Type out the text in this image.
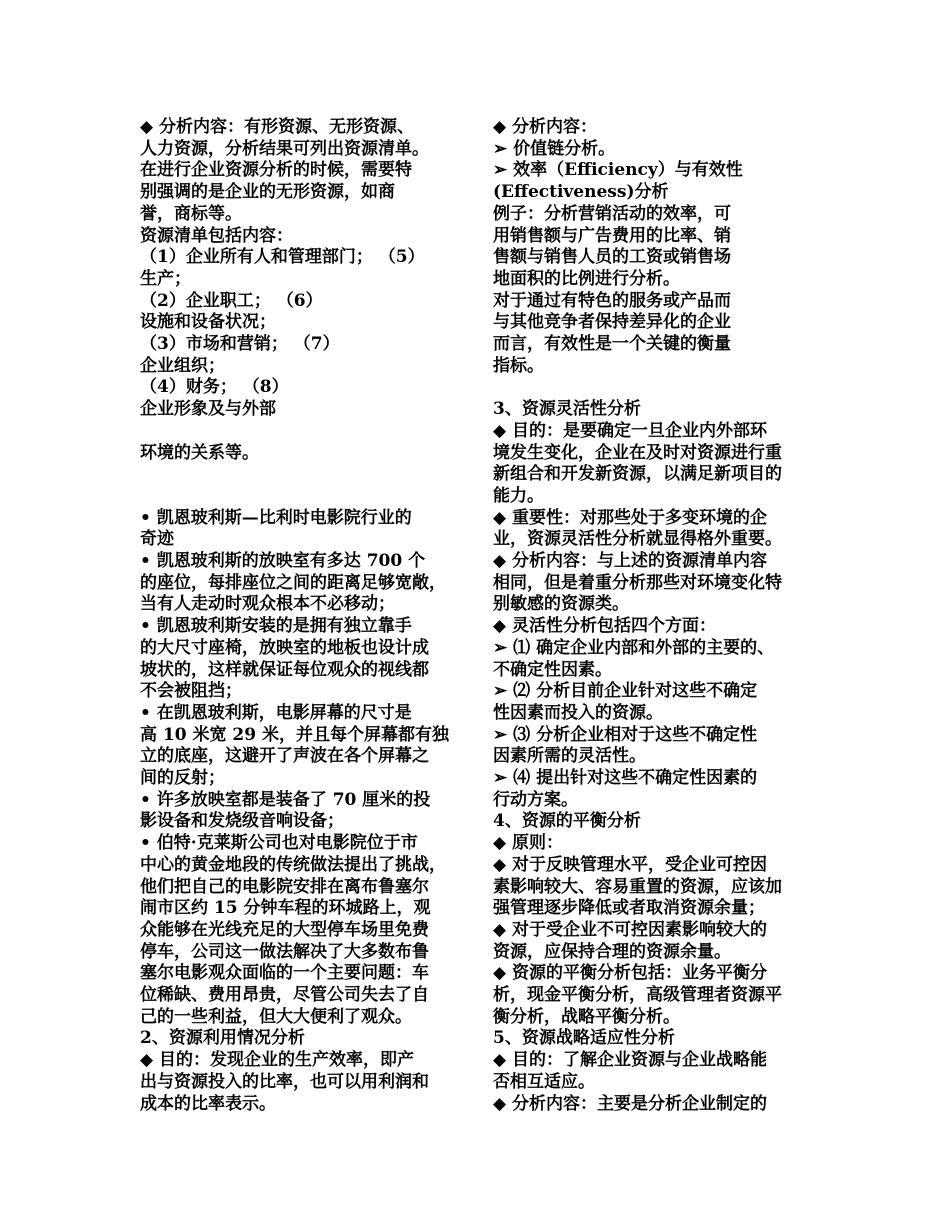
◆ 分析内容：有形资源、无形资源、
人力资源，分析结果可列出资源清单。
在进行企业资源分析的时候，需要特
别强调的是企业的无形资源，如商
誉，商标等。
资源清单包括内容：
（1）企业所有人和管理部门； （5）
生产；
（2）企业职工； （6）
设施和设备状况；
（3）市场和营销； （7）
企业组织；
（4）财务； （8）
企业形象及与外部
环境的关系等。
• 凯恩玻利斯—比利时电影院行业的
奇迹
• 凯恩玻利斯的放映室有多达 700 个
的座位，每排座位之间的距离足够宽敞，
当有人走动时观众根本不必移动；
• 凯恩玻利斯安装的是拥有独立靠手
的大尺寸座椅，放映室的地板也设计成
坡状的，这样就保证每位观众的视线都
不会被阻挡；
• 在凯恩玻利斯，电影屏幕的尺寸是
高 10 米宽 29 米，并且每个屏幕都有独
立的底座，这避开了声波在各个屏幕之
间的反射；
• 许多放映室都是装备了 70 厘米的投
影设备和发烧级音响设备；
• 伯特·克莱斯公司也对电影院位于市
中心的黄金地段的传统做法提出了挑战，
他们把自己的电影院安排在离布鲁塞尔
闹市区约 15 分钟车程的环城路上，观
众能够在光线充足的大型停车场里免费
停车，公司这一做法解决了大多数布鲁
塞尔电影观众面临的一个主要问题：车
位稀缺、费用昂贵，尽管公司失去了自
己的一些利益，但大大便利了观众。
2、资源利用情况分析
◆ 目的：发现企业的生产效率，即产
出与资源投入的比率，也可以用利润和
成本的比率表示。
◆ 分析内容：
➢ 价值链分析。
➢ 效率（Efficiency）与有效性
(Effectiveness)分析
例子：分析营销活动的效率，可
用销售额与广告费用的比率、销
售额与销售人员的工资或销售场
地面积的比例进行分析。
对于通过有特色的服务或产品而
与其他竞争者保持差异化的企业
而言，有效性是一个关键的衡量
指标。
3、资源灵活性分析
◆ 目的：是要确定一旦企业内外部环
境发生变化，企业在及时对资源进行重
新组合和开发新资源，以满足新项目的
能力。
◆ 重要性：对那些处于多变环境的企
业，资源灵活性分析就显得格外重要。
◆ 分析内容：与上述的资源清单内容
相同，但是着重分析那些对环境变化特
别敏感的资源类。
◆ 灵活性分析包括四个方面：
➢ ⑴ 确定企业内部和外部的主要的、
不确定性因素。
➢ ⑵ 分析目前企业针对这些不确定
性因素而投入的资源。
➢ ⑶ 分析企业相对于这些不确定性
因素所需的灵活性。
➢ ⑷ 提出针对这些不确定性因素的
行动方案。
4、资源的平衡分析
◆ 原则：
◆ 对于反映管理水平，受企业可控因
素影响较大、容易重置的资源，应该加
强管理逐步降低或者取消资源余量；
◆ 对于受企业不可控因素影响较大的
资源，应保持合理的资源余量。
◆ 资源的平衡分析包括：业务平衡分
析，现金平衡分析，高级管理者资源平
衡分析，战略平衡分析。
5、资源战略适应性分析
◆ 目的：了解企业资源与企业战略能
否相互适应。
◆ 分析内容：主要是分析企业制定的
